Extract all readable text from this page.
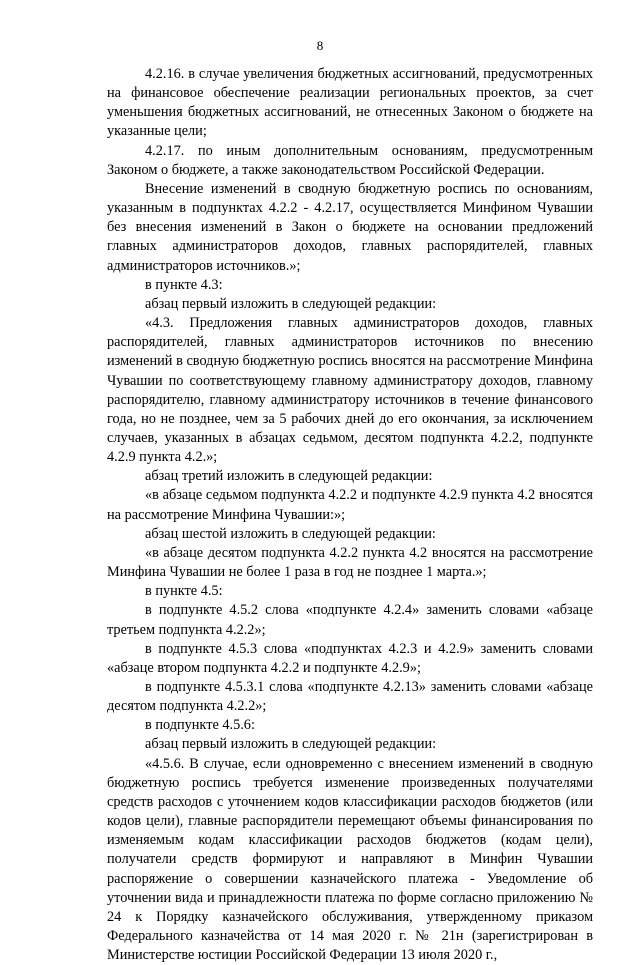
8

4.2.16. в случае увеличения бюджетных ассигнований, предусмотренных на финансовое обеспечение реализации региональных проектов, за счет уменьшения бюджетных ассигнований, не отнесенных Законом о бюджете на указанные цели;

4.2.17. по иным дополнительным основаниям, предусмотренным Законом о бюджете, а также законодательством Российской Федерации.

Внесение изменений в сводную бюджетную роспись по основаниям, указанным в подпунктах 4.2.2 - 4.2.17, осуществляется Минфином Чувашии без внесения изменений в Закон о бюджете на основании предложений главных администраторов доходов, главных распорядителей, главных администраторов источников.»;

в пункте 4.3:

абзац первый изложить в следующей редакции:

«4.3. Предложения главных администраторов доходов, главных распорядителей, главных администраторов источников по внесению изменений в сводную бюджетную роспись вносятся на рассмотрение Минфина Чувашии по соответствующему главному администратору доходов, главному распорядителю, главному администратору источников в течение финансового года, но не позднее, чем за 5 рабочих дней до его окончания, за исключением случаев, указанных в абзацах седьмом, десятом подпункта 4.2.2, подпункте 4.2.9 пункта 4.2.»;

абзац третий изложить в следующей редакции:

«в абзаце седьмом подпункта 4.2.2 и подпункте 4.2.9 пункта 4.2 вносятся на рассмотрение Минфина Чувашии:»;

абзац шестой изложить в следующей редакции:

«в абзаце десятом подпункта 4.2.2 пункта 4.2 вносятся на рассмотрение Минфина Чувашии не более 1 раза в год не позднее 1 марта.»;

в пункте 4.5:

в подпункте 4.5.2 слова «подпункте 4.2.4» заменить словами «абзаце третьем подпункта 4.2.2»;

в подпункте 4.5.3 слова «подпунктах 4.2.3 и 4.2.9» заменить словами «абзаце втором подпункта 4.2.2 и подпункте 4.2.9»;

в подпункте 4.5.3.1 слова «подпункте 4.2.13» заменить словами «абзаце десятом подпункта 4.2.2»;

в подпункте 4.5.6:

абзац первый изложить в следующей редакции:

«4.5.6. В случае, если одновременно с внесением изменений в сводную бюджетную роспись требуется изменение произведенных получателями средств расходов с уточнением кодов классификации расходов бюджетов (или кодов цели), главные распорядители перемещают объемы финансирования по изменяемым кодам классификации расходов бюджетов (кодам цели), получатели средств формируют и направляют в Минфин Чувашии распоряжение о совершении казначейского платежа - Уведомление об уточнении вида и принадлежности платежа по форме согласно приложению № 24 к Порядку казначейского обслуживания, утвержденному приказом Федерального казначейства от 14 мая 2020 г. № 21н (зарегистрирован в Министерстве юстиции Российской Федерации 13 июля 2020 г.,
